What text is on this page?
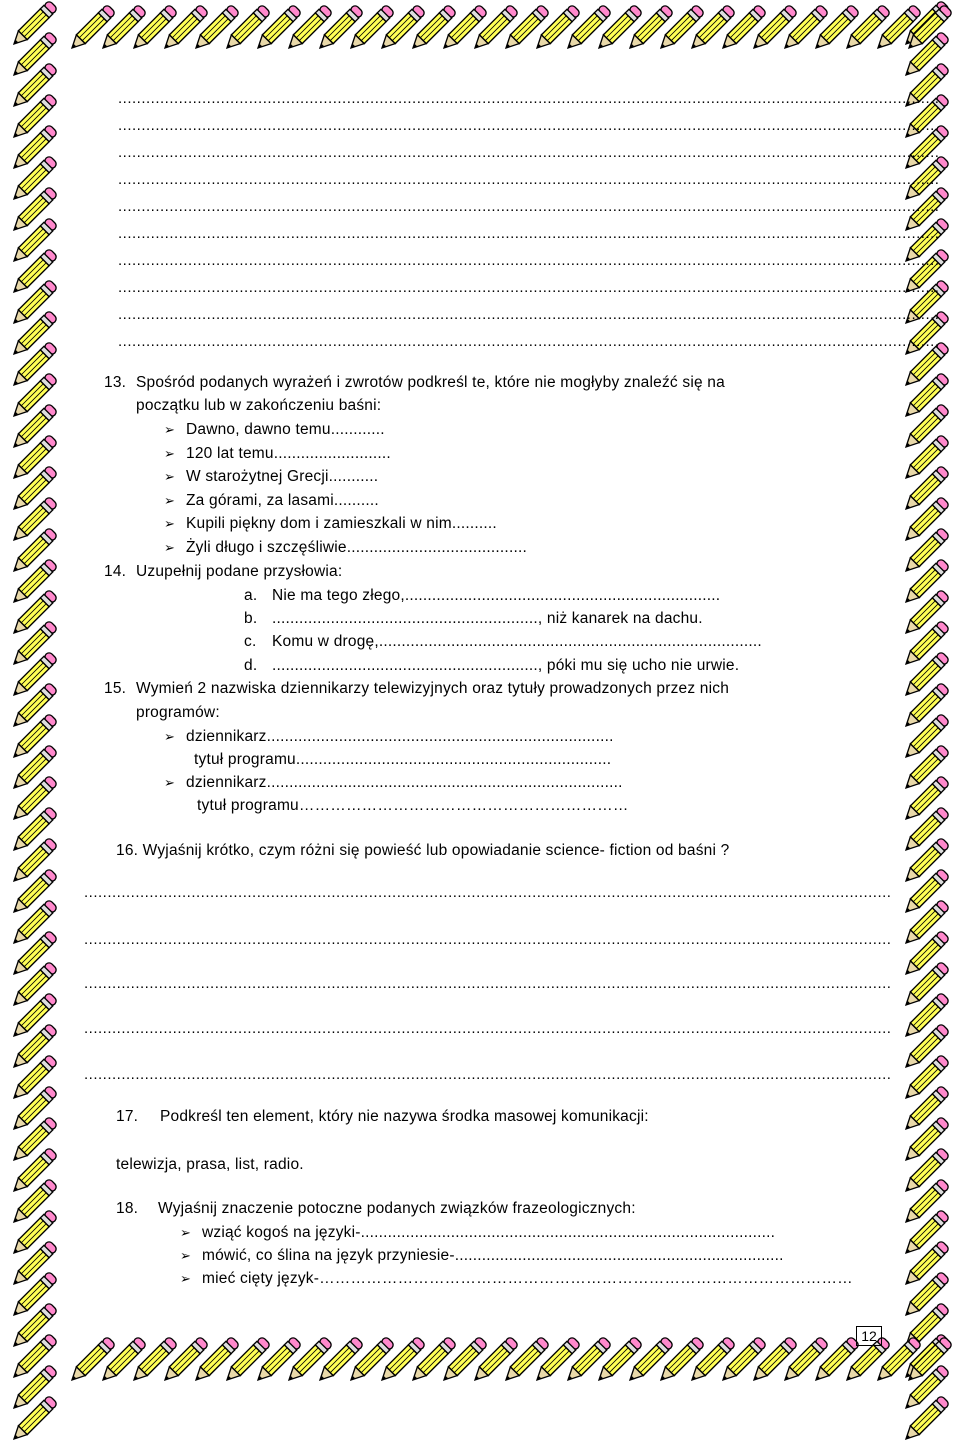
................................................................................................................................................................................
................................................................................................................................................................................
................................................................................................................................................................................
................................................................................................................................................................................
................................................................................................................................................................................
................................................................................................................................................................................
................................................................................................................................................................................
................................................................................................................................................................................
................................................................................................................................................................................
................................................................................................................................................................................
13. Spośród podanych wyrażeń i zwrotów podkreśl te, które nie mogłyby znaleźć się na
początku lub w zakończeniu baśni:
➢ Dawno, dawno temu............
➢ 120 lat temu..........................
➢ W starożytnej Grecji...........
➢ Za górami, za lasami..........
➢ Kupili piękny dom i zamieszkali w nim..........
➢ Żyli długo i szczęśliwie........................................
14. Uzupełnij podane przysłowia:
a. Nie ma tego złego,......................................................................
b. ..........................................................., niż kanarek na dachu.
c. Komu w drogę,.....................................................................................
d. ..........................................................., póki mu się ucho nie urwie.
15. Wymień 2 nazwiska dziennikarzy telewizyjnych oraz tytuły prowadzonych przez nich
programów:
➢ dziennikarz.............................................................................
tytuł programu......................................................................
➢ dziennikarz...............................................................................
tytuł programu………………………………………………………
16. Wyjaśnij krótko, czym różni się powieść lub opowiadanie science- fiction od baśni ?
.............................................................................................................................................................................
.............................................................................................................................................................................
.............................................................................................................................................................................
.............................................................................................................................................................................
.............................................................................................................................................................................
17. Podkreśl ten element, który nie nazywa środka masowej komunikacji:
telewizja, prasa, list, radio.
18. Wyjaśnij znaczenie potoczne podanych związków frazeologicznych:
➢ wziąć kogoś na języki-............................................................................................
➢ mówić, co ślina na język przyniesie-.........................................................................
➢ mieć cięty język-…………………………………………………………………………………………
12
